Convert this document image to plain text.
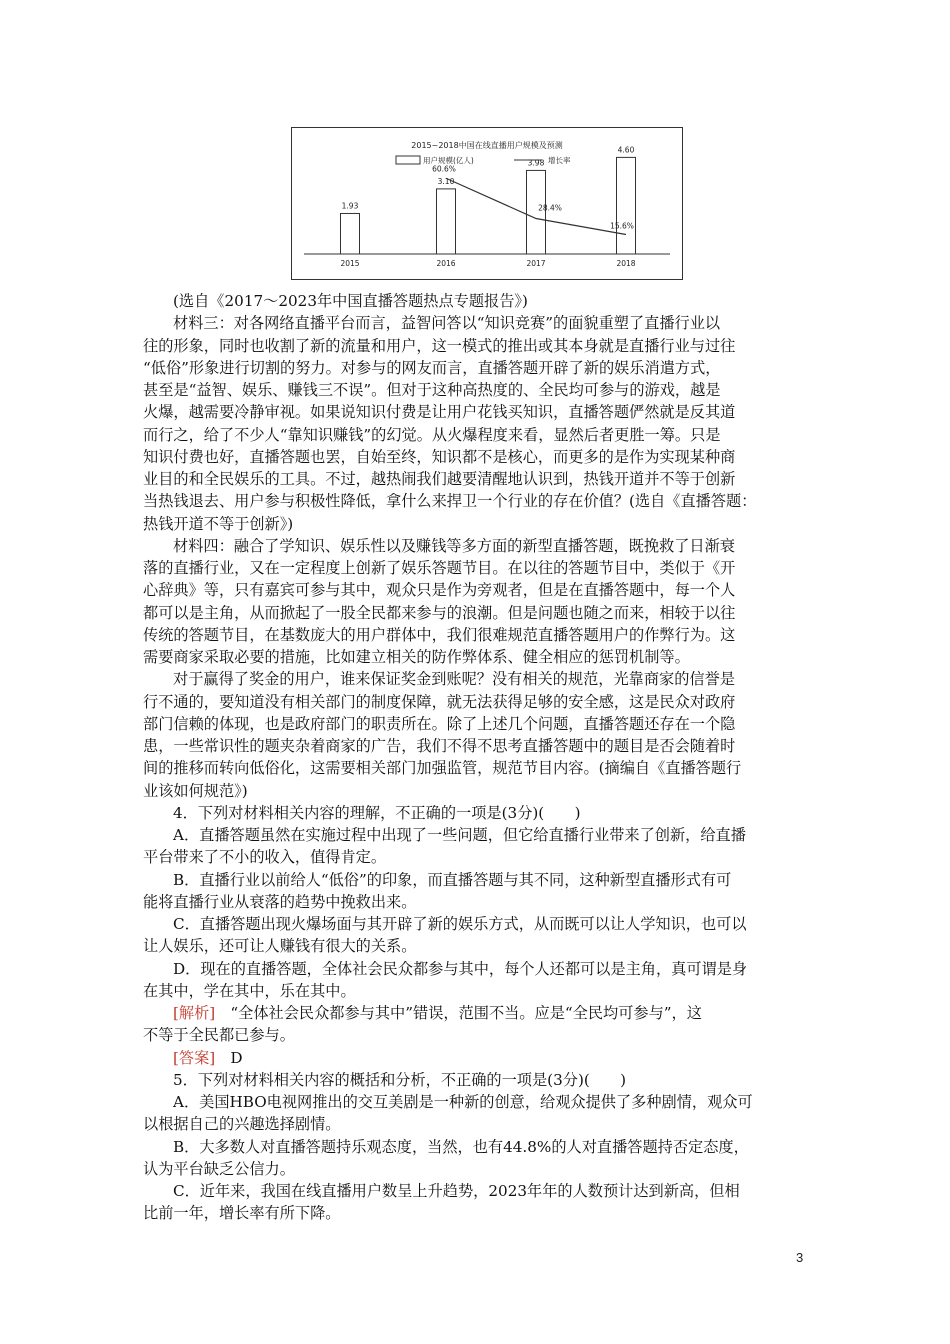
2015~2018中国在线直播用户规模及预测
用户规模(亿人)	增长率
1.93
2015
3.10
2016
3.98
2017
4.60
2018
60.6%
28.4%
15.6%
(选自《2017～2023年中国直播答题热点专题报告》)
材料三：对各网络直播平台而言，益智问答以“知识竞赛”的面貌重塑了直播行业以
往的形象，同时也收割了新的流量和用户，这一模式的推出或其本身就是直播行业与过往
“低俗”形象进行切割的努力。对参与的网友而言，直播答题开辟了新的娱乐消遣方式，
甚至是“益智、娱乐、赚钱三不误”。但对于这种高热度的、全民均可参与的游戏，越是
火爆，越需要冷静审视。如果说知识付费是让用户花钱买知识，直播答题俨然就是反其道
而行之，给了不少人“靠知识赚钱”的幻觉。从火爆程度来看，显然后者更胜一筹。只是
知识付费也好，直播答题也罢，自始至终，知识都不是核心，而更多的是作为实现某种商
业目的和全民娱乐的工具。不过，越热闹我们越要清醒地认识到，热钱开道并不等于创新
当热钱退去、用户参与积极性降低，拿什么来捍卫一个行业的存在价值？(选自《直播答题：
热钱开道不等于创新》)
材料四：融合了学知识、娱乐性以及赚钱等多方面的新型直播答题，既挽救了日渐衰
落的直播行业，又在一定程度上创新了娱乐答题节目。在以往的答题节目中，类似于《开
心辞典》等，只有嘉宾可参与其中，观众只是作为旁观者，但是在直播答题中，每一个人
都可以是主角，从而掀起了一股全民都来参与的浪潮。但是问题也随之而来，相较于以往
传统的答题节目，在基数庞大的用户群体中，我们很难规范直播答题用户的作弊行为。这
需要商家采取必要的措施，比如建立相关的防作弊体系、健全相应的惩罚机制等。
对于赢得了奖金的用户，谁来保证奖金到账呢？没有相关的规范，光靠商家的信誉是
行不通的，要知道没有相关部门的制度保障，就无法获得足够的安全感，这是民众对政府
部门信赖的体现，也是政府部门的职责所在。除了上述几个问题，直播答题还存在一个隐
患，一些常识性的题夹杂着商家的广告，我们不得不思考直播答题中的题目是否会随着时
间的推移而转向低俗化，这需要相关部门加强监管，规范节目内容。(摘编自《直播答题行
业该如何规范》)
4．下列对材料相关内容的理解，不正确的一项是(3分)(　　)
A．直播答题虽然在实施过程中出现了一些问题，但它给直播行业带来了创新，给直播
平台带来了不小的收入，值得肯定。
B．直播行业以前给人“低俗”的印象，而直播答题与其不同，这种新型直播形式有可
能将直播行业从衰落的趋势中挽救出来。
C．直播答题出现火爆场面与其开辟了新的娱乐方式，从而既可以让人学知识，也可以
让人娱乐，还可让人赚钱有很大的关系。
D．现在的直播答题，全体社会民众都参与其中，每个人还都可以是主角，真可谓是身
在其中，学在其中，乐在其中。
[解析]　 “全体社会民众都参与其中”错误，范围不当。应是“全民均可参与”，这
不等于全民都已参与。
[答案]　 D
5．下列对材料相关内容的概括和分析，不正确的一项是(3分)(　　)
A．美国HBO电视网推出的交互美剧是一种新的创意，给观众提供了多种剧情，观众可
以根据自己的兴趣选择剧情。
B．大多数人对直播答题持乐观态度，当然，也有44.8%的人对直播答题持否定态度，
认为平台缺乏公信力。
C．近年来，我国在线直播用户数呈上升趋势，2023年年的人数预计达到新高，但相
比前一年，增长率有所下降。
3
